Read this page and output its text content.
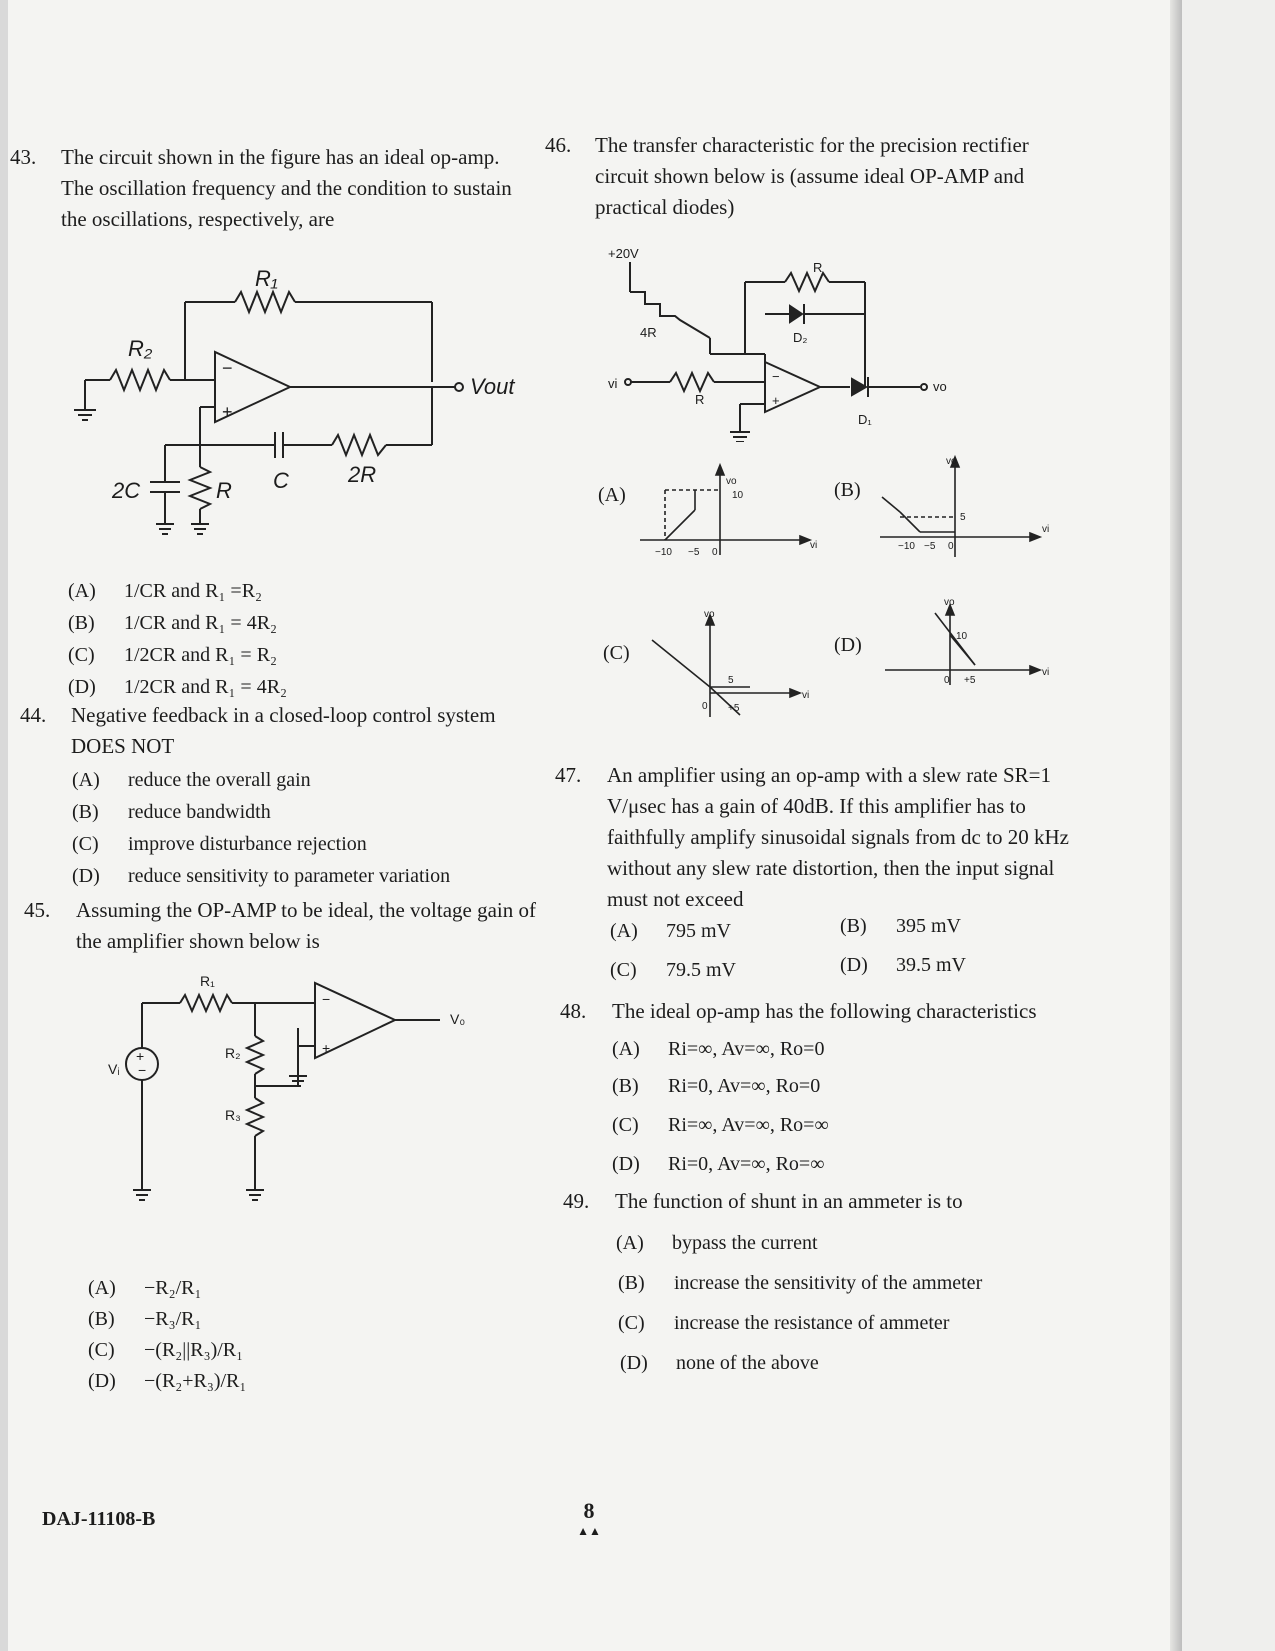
43. The circuit shown in the figure has an ideal op-amp. The oscillation frequency and the condition to sustain the oscillations, respectively, are
R₂
R₁
C	2R
2C	R
Vout
−
+
(A) 1/CR and R₁ =R₂
(B) 1/CR and R₁ = 4R₂
(C) 1/2CR and R₁ = R₂
(D) 1/2CR and R₁ = 4R₂
44. Negative feedback in a closed-loop control system DOES NOT
(A) reduce the overall gain
(B) reduce bandwidth
(C) improve disturbance rejection
(D) reduce sensitivity to parameter variation
45. Assuming the OP-AMP to be ideal, the voltage gain of the amplifier shown below is
+
−
Vᵢ
R₁
R₂
R₃
V₀
−
+
(A) −R₂/R₁
(B) −R₃/R₁
(C) −(R₂||R₃)/R₁
(D) −(R₂+R₃)/R₁
46. The transfer characteristic for the precision rectifier circuit shown below is (assume ideal OP-AMP and practical diodes)
+20V
4R
R
R
D₂
D₁
vi	vo
−
+
(A)
vo
10
vi
−10 −5 0
(B)
vo
5
vi
−10 −5 0
(C)
vo
5
vi
0 +5
(D)
vo
10
vi
0 +5
47. An amplifier using an op-amp with a slew rate SR=1 V/μsec has a gain of 40dB. If this amplifier has to faithfully amplify sinusoidal signals from dc to 20 kHz without any slew rate distortion, then the input signal must not exceed
(A) 795 mV	(B) 395 mV
(C) 79.5 mV	(D) 39.5 mV
48. The ideal op-amp has the following characteristics
(A) Ri=∞, Av=∞, Ro=0
(B) Ri=0, Av=∞, Ro=0
(C) Ri=∞, Av=∞, Ro=∞
(D) Ri=0, Av=∞, Ro=∞
49. The function of shunt in an ammeter is to
(A) bypass the current
(B) increase the sensitivity of the ammeter
(C) increase the resistance of ammeter
(D) none of the above
DAJ-11108-B	8
▲▲
